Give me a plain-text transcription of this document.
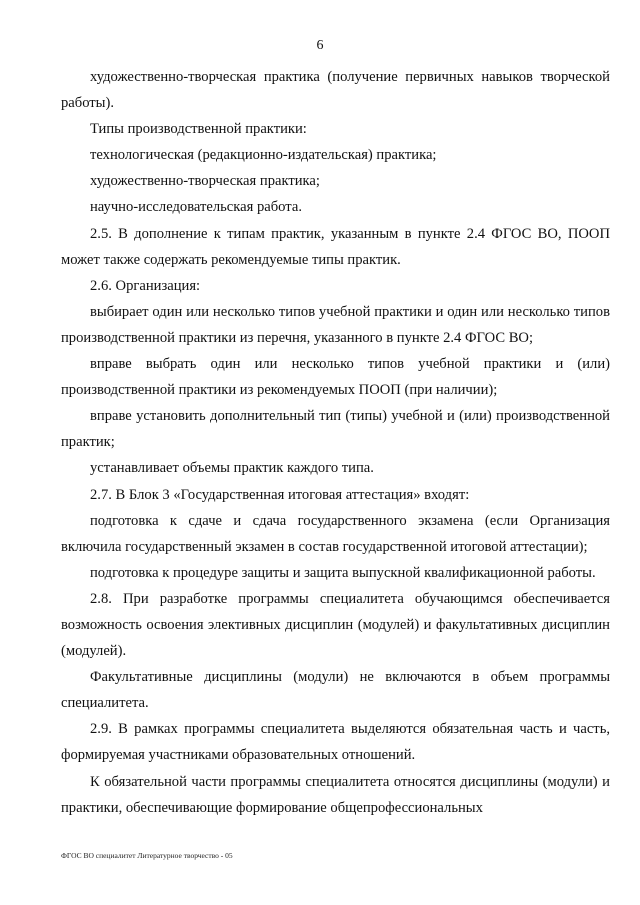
6

художественно-творческая практика (получение первичных навыков творческой работы).

Типы производственной практики:

технологическая (редакционно-издательская) практика;

художественно-творческая практика;

научно-исследовательская работа.

2.5. В дополнение к типам практик, указанным в пункте 2.4 ФГОС ВО, ПООП может также содержать рекомендуемые типы практик.

2.6. Организация:

выбирает один или несколько типов учебной практики и один или несколько типов производственной практики из перечня, указанного в пункте 2.4 ФГОС ВО;

вправе выбрать один или несколько типов учебной практики и (или) производственной практики из рекомендуемых ПООП (при наличии);

вправе установить дополнительный тип (типы) учебной и (или) производственной практик;

устанавливает объемы практик каждого типа.

2.7. В Блок 3 «Государственная итоговая аттестация» входят:

подготовка к сдаче и сдача государственного экзамена (если Организация включила государственный экзамен в состав государственной итоговой аттестации);

подготовка к процедуре защиты и защита выпускной квалификационной работы.

2.8. При разработке программы специалитета обучающимся обеспечивается возможность освоения элективных дисциплин (модулей) и факультативных дисциплин (модулей).

Факультативные дисциплины (модули) не включаются в объем программы специалитета.

2.9. В рамках программы специалитета выделяются обязательная часть и часть, формируемая участниками образовательных отношений.

К обязательной части программы специалитета относятся дисциплины (модули) и практики, обеспечивающие формирование общепрофессиональных

ФГОС ВО специалитет Литературное творчество - 05
